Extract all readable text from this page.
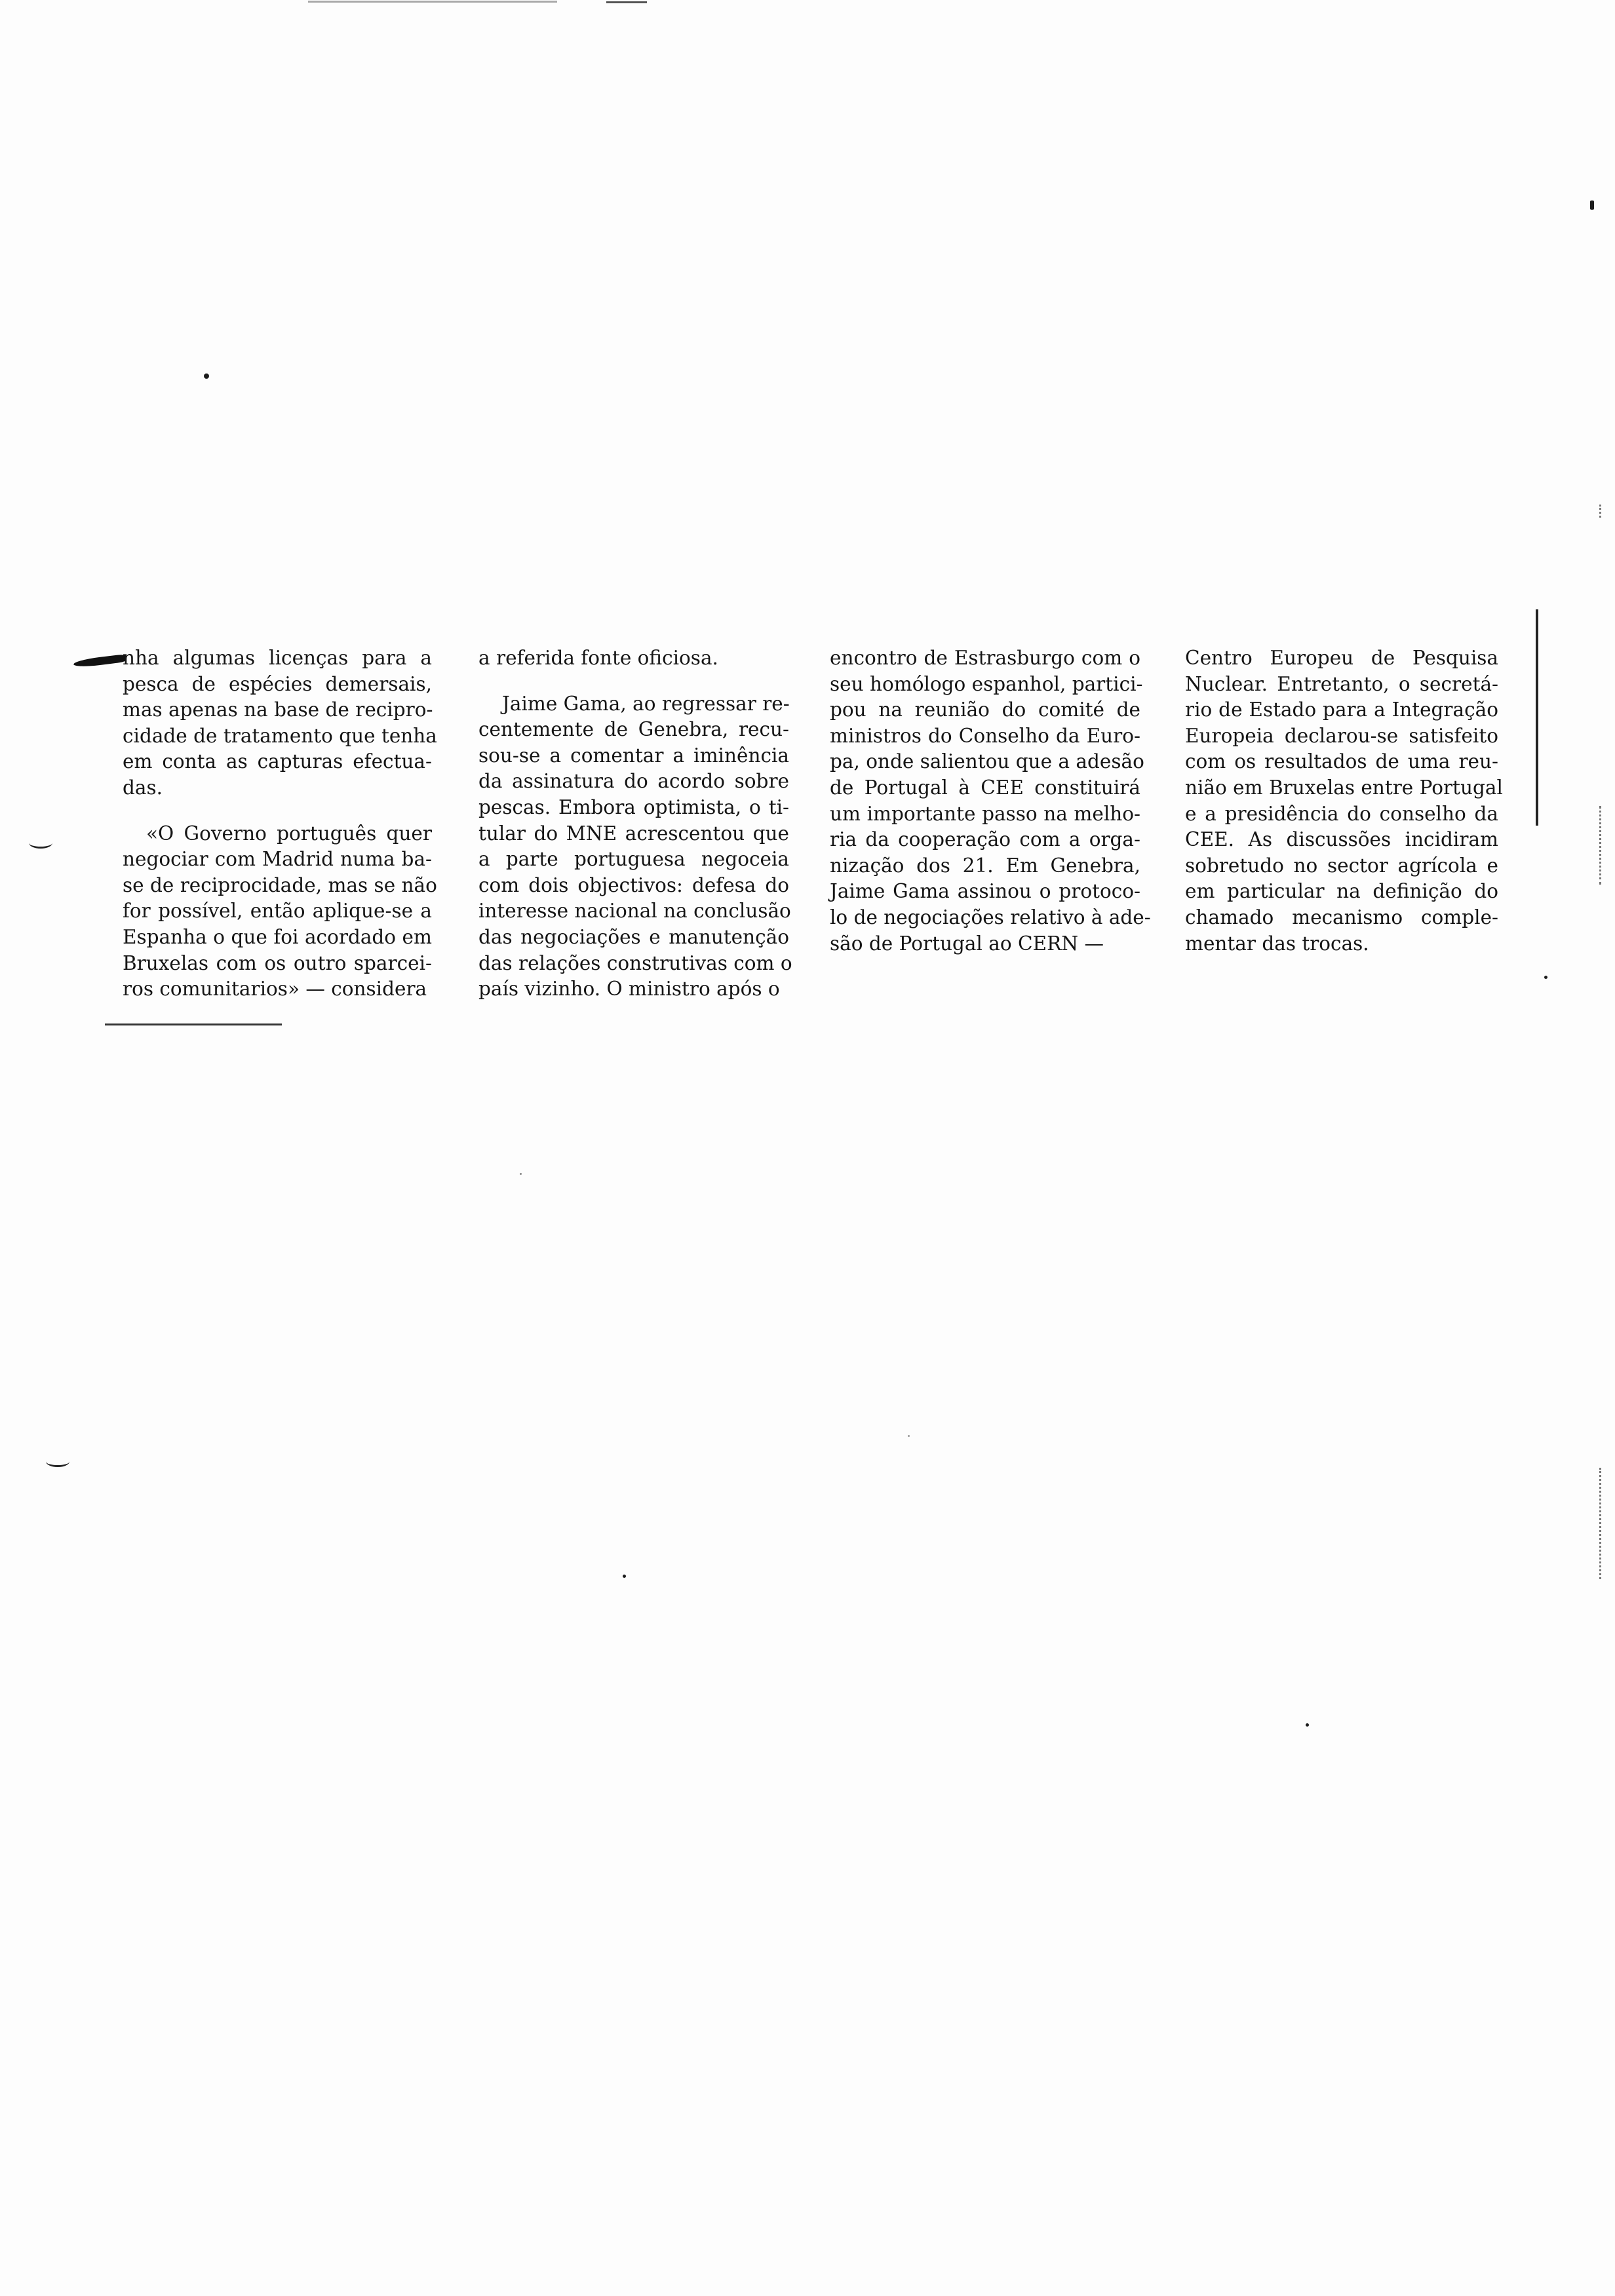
nha algumas licenças para a
pesca de espécies demersais,
mas apenas na base de recipro-
cidade de tratamento que tenha
em conta as capturas efectua-
das.
«O Governo português quer
negociar com Madrid numa ba-
se de reciprocidade, mas se não
for possível, então aplique-se a
Espanha o que foi acordado em
Bruxelas com os outro sparcei-
ros comunitarios» — considera
a referida fonte oficiosa.
Jaime Gama, ao regressar re-
centemente de Genebra, recu-
sou-se a comentar a iminência
da assinatura do acordo sobre
pescas. Embora optimista, o ti-
tular do MNE acrescentou que
a parte portuguesa negoceia
com dois objectivos: defesa do
interesse nacional na conclusão
das negociações e manutenção
das relações construtivas com o
país vizinho. O ministro após o
encontro de Estrasburgo com o
seu homólogo espanhol, partici-
pou na reunião do comité de
ministros do Conselho da Euro-
pa, onde salientou que a adesão
de Portugal à CEE constituirá
um importante passo na melho-
ria da cooperação com a orga-
nização dos 21. Em Genebra,
Jaime Gama assinou o protoco-
lo de negociações relativo à ade-
são de Portugal ao CERN —
Centro Europeu de Pesquisa
Nuclear. Entretanto, o secretá-
rio de Estado para a Integração
Europeia declarou-se satisfeito
com os resultados de uma reu-
nião em Bruxelas entre Portugal
e a presidência do conselho da
CEE. As discussões incidiram
sobretudo no sector agrícola e
em particular na definição do
chamado mecanismo comple-
mentar das trocas.
